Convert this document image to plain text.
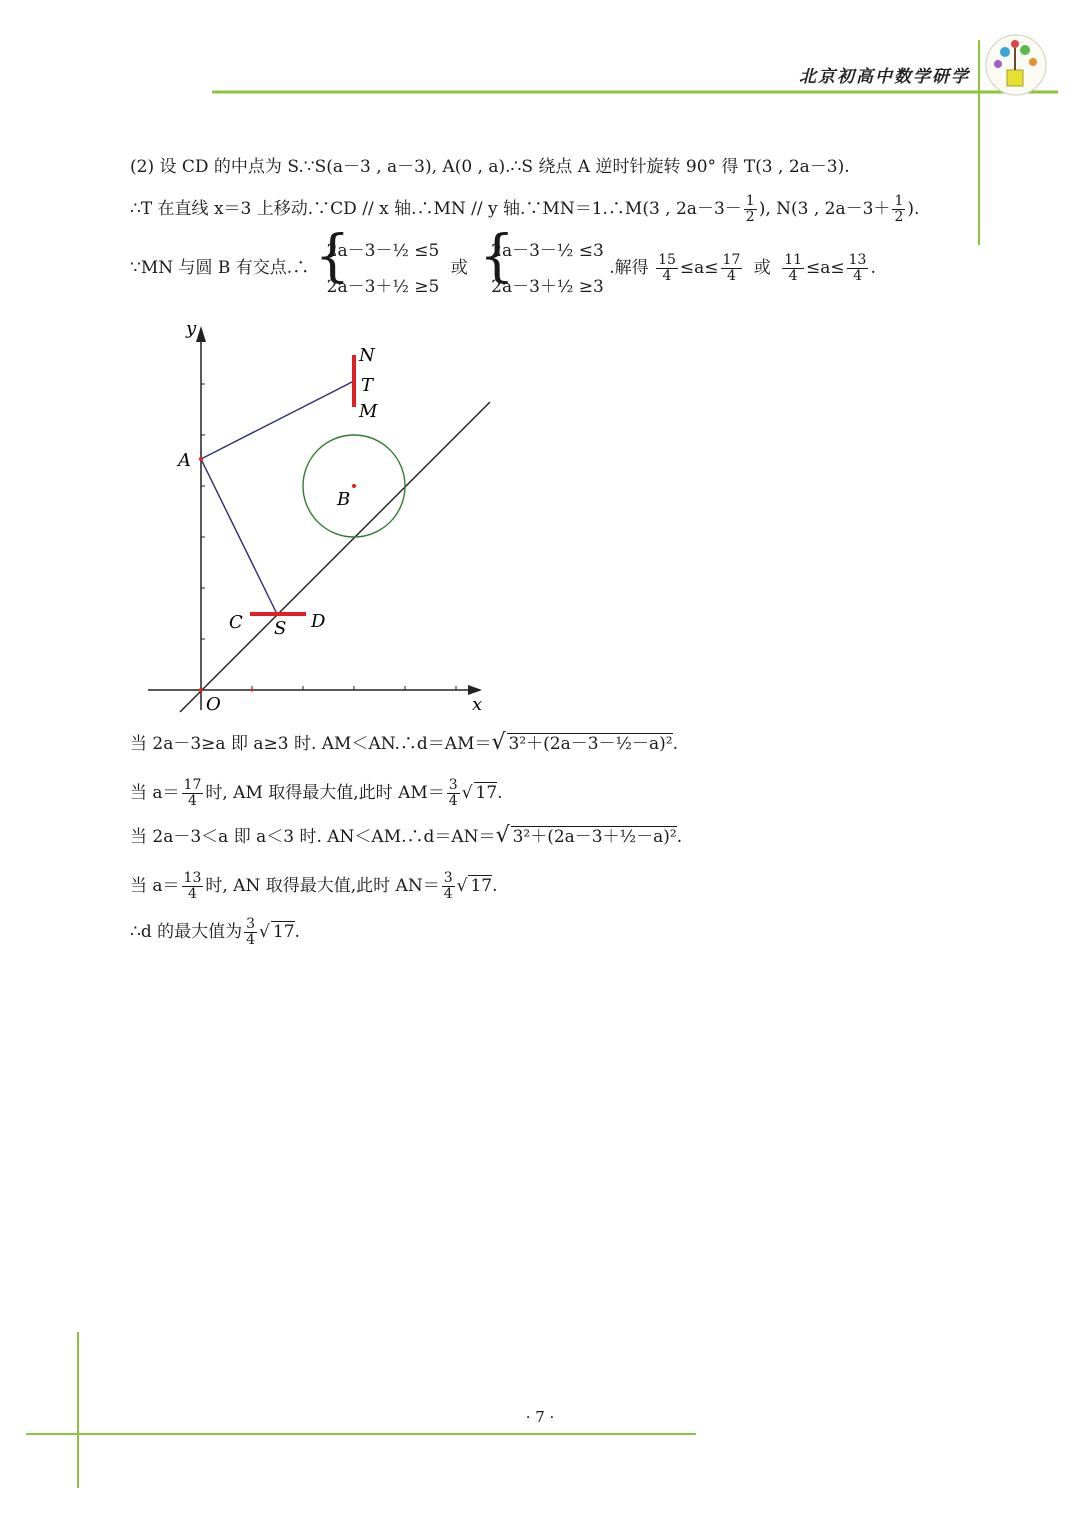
北京初高中数学研学
(2) 设 CD 的中点为 S.∵S(a－3 , a－3), A(0 , a).∴S 绕点 A 逆时针旋转 90° 得 T(3 , 2a－3).
∴T 在直线 x＝3 上移动.∵CD // x 轴.∴MN // y 轴.∵MN＝1.∴M(3 , $2a-3- \frac{1}{2}$ ), N(3 , $2a-3+ \frac{1}{2}$ ).
∵MN 与圆 B 有交点.∴ {
2a－3－½ ≤5
2a－3＋½ ≥5
或 {
2a－3－½ ≤3
2a－3＋½ ≥3
.解得 $\frac{15}{4} \le a\le \frac{17}{4}$ 或 $\frac{11}{4} \le a\le \frac{13}{4}$ .
y
x
O
A
B
C S D
N
T
M
当 2a－3≥a 即 a≥3 时. AM＜AN.∴d＝AM＝√ 3²＋(2a－3－½－a)².
当 $a= \frac{17}{4}$ 时, AM 取得最大值,此时 $AM= \frac{3}{4}$ √ 17.
当 2a－3＜a 即 a＜3 时. AN＜AM.∴d＝AN＝√ 3²＋(2a－3＋½－a)².
当 $a= \frac{13}{4}$ 时, AN 取得最大值,此时 $AN= \frac{3}{4}$ √ 17.
∴d 的最大值为 $\frac{3}{4}$ √ 17.
· 7 ·
